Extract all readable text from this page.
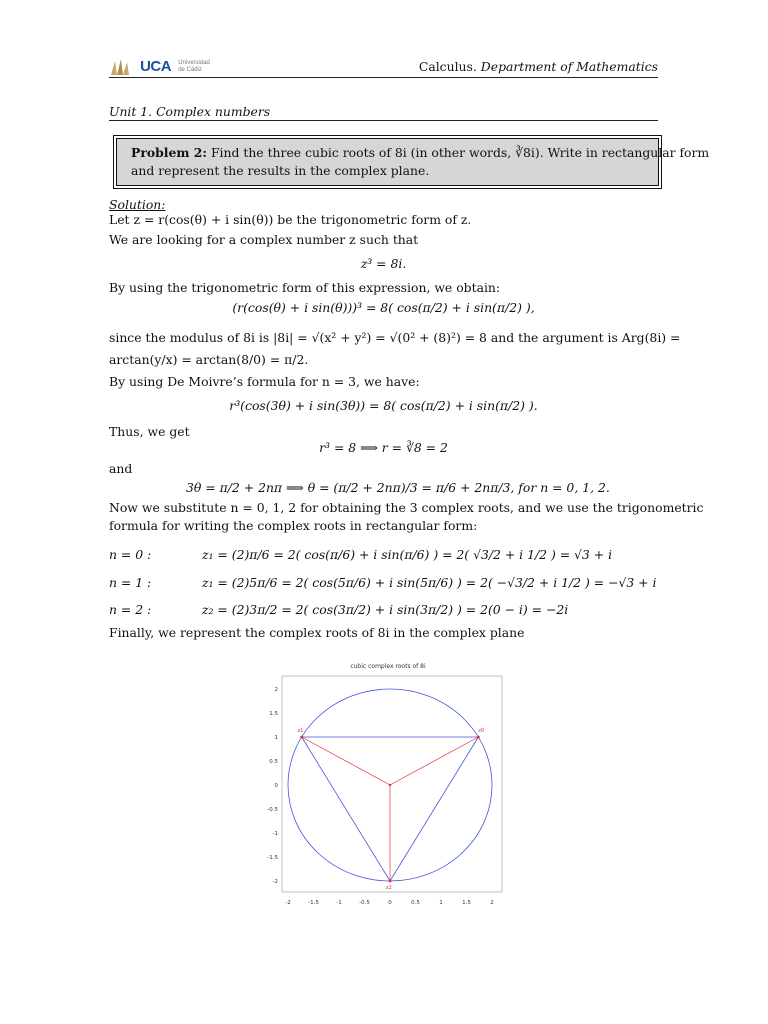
UCA Universidad
de Cádiz	Calculus. Department of Mathematics
Unit 1. Complex numbers
Problem 2: Find the three cubic roots of 8i (in other words, ∛8i). Write in rectangular form
and represent the results in the complex plane.
Solution:
Let z = r(cos(θ) + i sin(θ)) be the trigonometric form of z.
We are looking for a complex number z such that
z³ = 8i.
By using the trigonometric form of this expression, we obtain:
(r(cos(θ) + i sin(θ)))³ = 8( cos(π/2) + i sin(π/2) ),
since the modulus of 8i is |8i| = √(x² + y²) = √(0² + (8)²) = 8 and the argument is Arg(8i) =
arctan(y/x) = arctan(8/0) = π/2.
By using De Moivre’s formula for n = 3, we have:
r³(cos(3θ) + i sin(3θ)) = 8( cos(π/2) + i sin(π/2) ).
Thus, we get
r³ = 8 ⟹ r = ∛8 = 2
and
3θ = π/2 + 2nπ ⟹ θ = (π/2 + 2nπ)/3 = π/6 + 2nπ/3, for n = 0, 1, 2.
Now we substitute n = 0, 1, 2 for obtaining the 3 complex roots, and we use the trigonometric
formula for writing the complex roots in rectangular form:
n = 0 :	z₁ = (2)π/6 = 2( cos(π/6) + i sin(π/6) ) = 2( √3/2 + i 1/2 ) = √3 + i
n = 1 :	z₁ = (2)5π/6 = 2( cos(5π/6) + i sin(5π/6) ) = 2( −√3/2 + i 1/2 ) = −√3 + i
n = 2 :	z₂ = (2)3π/2 = 2( cos(3π/2) + i sin(3π/2) ) = 2(0 − i) = −2i
Finally, we represent the complex roots of 8i in the complex plane
cubic complex roots of 8i
z0
z1
z2
-2	-1.5	-1	-0.5	0	0.5	1	1.5	2
2
1.5
1
0.5
0
-0.5
-1
-1.5
-2
